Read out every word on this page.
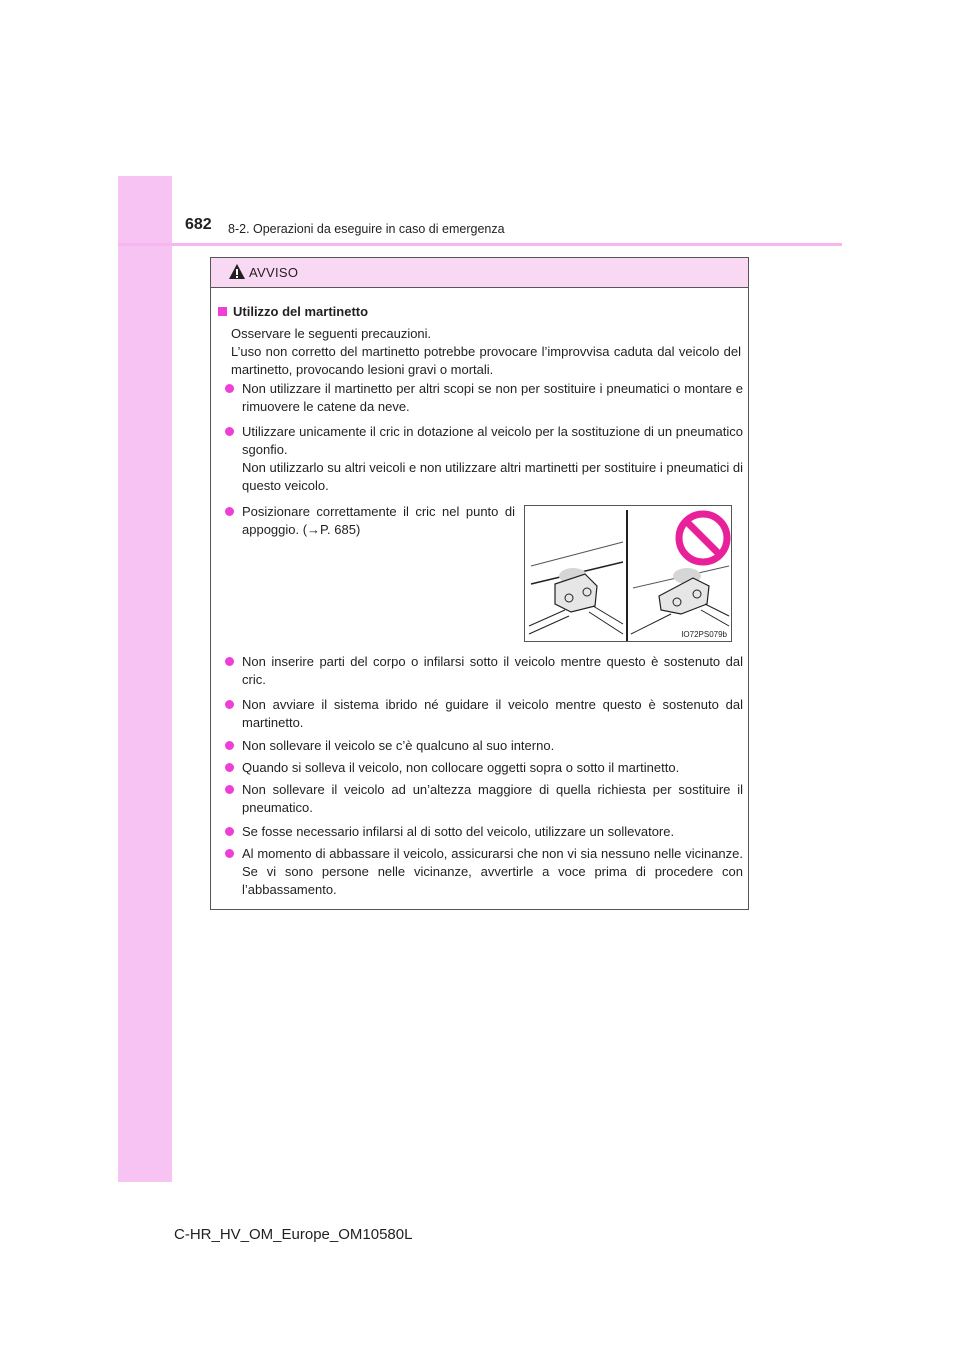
682 8-2. Operazioni da eseguire in caso di emergenza
AVVISO
Utilizzo del martinetto
Osservare le seguenti precauzioni.
L’uso non corretto del martinetto potrebbe provocare l’improvvisa caduta dal veicolo del martinetto, provocando lesioni gravi o mortali.
Non utilizzare il martinetto per altri scopi se non per sostituire i pneumatici o montare e rimuovere le catene da neve.
Utilizzare unicamente il cric in dotazione al veicolo per la sostituzione di un pneumatico sgonfio.
Non utilizzarlo su altri veicoli e non utilizzare altri martinetti per sostituire i pneumatici di questo veicolo.
Posizionare correttamente il cric nel punto di appoggio. (→P. 685)
IO72PS079b
Non inserire parti del corpo o infilarsi sotto il veicolo mentre questo è sostenuto dal cric.
Non avviare il sistema ibrido né guidare il veicolo mentre questo è sostenuto dal martinetto.
Non sollevare il veicolo se c’è qualcuno al suo interno.
Quando si solleva il veicolo, non collocare oggetti sopra o sotto il martinetto.
Non sollevare il veicolo ad un’altezza maggiore di quella richiesta per sostituire il pneumatico.
Se fosse necessario infilarsi al di sotto del veicolo, utilizzare un sollevatore.
Al momento di abbassare il veicolo, assicurarsi che non vi sia nessuno nelle vicinanze. Se vi sono persone nelle vicinanze, avvertirle a voce prima di procedere con l’abbassamento.
C-HR_HV_OM_Europe_OM10580L
